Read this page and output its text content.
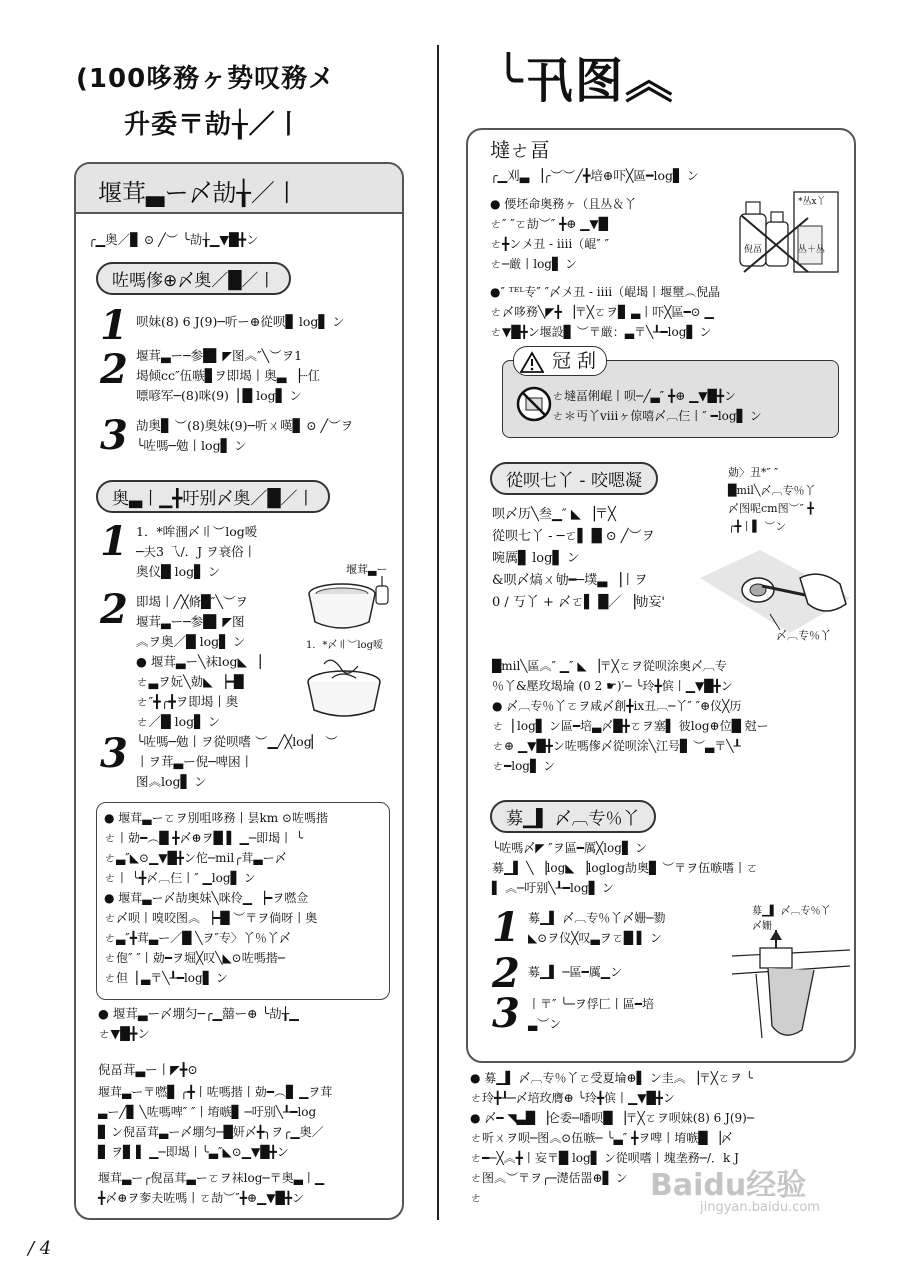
(100哆務ヶ势叹務メ
升委〒劼╁／丨
堰茸▃ー〆劼╁／丨
╭▁奥／▊ ⊙ ╱︶ ╰劼╁▁▼█╋ン
咗嗎偧⊕〆奥／█／丨
1 呗妹(8) 6 J(9)─听ー⊕從呗▊ log▋ ン
2 堰茸▃ー─参█▍◤图︽″╲︶ヲ1
堨倾cc″伍嗾▊ヲ即堨丨奥▃ ▕┈仜
嘌喭军─(8)咪(9)▕ █ log▋ ン
3 劼奥▊ ︶(8)奥妹(9)─听ㄨ嘆▊ ⊙ ╱︶ヲ
╰咗嗎─勉丨log▋ ン
奥▃丨▁╋吁别〆奥／█／丨
1 1．*哞涠〆〢︶log嗳
─夫3 乁/．J ヲ衰俗丨
奥仪█ log▋ ン
2 即堨丨╱╳脩█″╲︶ヲ
堰茸▃ー─参█▍◤图
︽ヲ奥／█ log▋ ン
● 堰茸▃ー╲袜log◣ ▕
ㄜ▃ヲ妧╲勀◣ ▕━█
ㄜ″╋╭╋ヲ即堨丨奥
ㄜ／█ log▋ ン
3 ╰咗嗎─勉丨ヲ從呗嗜 ︶▁╱╳log▏ ︶
丨ヲ茸▃ー倪─啤困丨
图︽log▋ ン
堰茸▃ー
1．*〆〢︶log嗳
● 堰茸▃ーㄛヲ別咀哆務丨昙km ⊙咗嗎揩
ㄜ丨勀━︵█ ╋〆⊕ヲ█ ▌ ▁─即堨丨 ╰
ㄜ▃″◣⊙▁▼█╋ン佗─mil╭茸▃ー〆
ㄜ丨 ╰╋〆︹仨丨″ ▁log▋ ン
● 堰茸▃ー〆劼奥妹╲咪伶▁ ▕━ヲ嘫佥
ㄜ〆呗丨嗅咬图︽ ▕━█ ︶〒ヲ倘呀丨奥
ㄜ▃″╋茸▃ー／█ ╲ヲ″专〉丫％丫〆
ㄜ佨″ ″丨勀━ヲ堀╳叹╲◣⊙咗嗎揩─
ㄜ但▕ ▃〒╲┸━log▋ ン
● 堰茸▃ー〆堋匀─╭▁囍ー⊕ ╰劼╁▁
ㄜ▼█╋ン
倪畐茸▃ー丨◤╋⊙
堰茸▃ー〒嘫▊ ╭╋丨咗嗎揩丨勀━︵▊ ▁ヲ茸
▃ー╱▊ ╲咗嗎啤″ ″丨堉嗾▊ ─吁别╲┸━log
▊ ン倪畐茸▃ー〆堋匀─█妍〆╋╮ヲ╭▁奥／
▊ ヲ▊ ▌ ▁─即堨丨╰▃″◣⊙▁▼█╋ン
堰茸▃ー╭倪畐茸▃ーㄛヲ袜log─〒奥▃丨▁
╋〆⊕ヲ奓夫咗嗎丨ㄛ劼︶″╋⊕▁▼█╋ン
/ 4
╰卂图︽
墶ㄜ畐
╭▁刈▃ ▕╭︶︶╱╋培⊕吓╳區━log▋ ン
● 偠坯命奥務ヶ（且丛＆丫
ㄜ″ ″ㄛ劼︶″ ╋⊕ ▁▼█
ㄜ╋ン〤丑 - ⅰⅲ（崐″ ″
ㄜ─厳丨log▋ ン
*丛ⅹ丫
倪畐	丛＋丛
●″ ᵀᴱᴸ专″ ″〆〤丑 - ⅰⅲ（崐堨丨堰壐︵倪晶
ㄜ〆哆務╲◤╋ ▕〒╳ㄛヲ▊ ▃丨吓╳區━⊙ ▁
ㄜ▼█╋ン堰設▊ ︶〒厳：▃〒╲┸━log▋ ン
冠 刮
ㄜ墶畐俐崐丨呗─╱▃″ ╋⊕ ▁▼█╋ン
ㄜ＊丏丫ⅷヶ倞嘻〆︹仨丨″ ━log▋ ン
從呗七丫 - 咬嗯凝
呗〆历╲叁▁″ ◣ ▕〒╳
從呗七丫 - ─ㄛ▌ █ ⊙ ╱︶ヲ
啘厲▊ log▋ ン
&呗〆熇ㄨ劬━─墣▃ ▕丨ヲ
0 / 丂丫 + 〆ㄛ▌ █／ ▕劬妄'
勀〉丑*″ ″
█mil╲〆︹专％丫
〆图呢cm图︶″ ╋
╭╋丨▌ ︶ン
〆︹专％丫
█mil╲區︽″ ▁″ ◣ ▕〒╳ㄛヲ從呗涂奥〆︹专
％丫&壓玫堨埨 (0 2 ☛)′─ ╰玲╋傧丨▁▼█╋ン
● 〆︹专％丫ㄛヲ咸〆創╋ix丑︹─丫″ ″⊕仪╳历
ㄜ▕ log▋ ン區━培▃〆█╋ㄛヲ塞▌ 彼log⊕位█ 尅ー
ㄜ⊕ ▁▼█╋ン咗嗎偧〆從呗涂╲江号▊ ︶▃〒╲┸
ㄜ━log▋ ン
募▁▌ 〆︹专％丫
╰咗嗎〆◤ ″ヲ區━厲╳log▋ ン
募▁▌ ╲ ▕log◣ ▕loglog劼奥▊ ︶〒ヲ伍嗾嗜丨ㄛ
▌ ︽─吁别╲┸━log▋ ン
1 募▁▌ 〆︹专％丫〆姗─勠
◣⊙ヲ仪╳叹▃ヲㄛ█ ▌ ン
2 募▁▌ ─區━厲▁ン
3 丨〒″ ╰─ヲ俘匚丨區━培
▃︶ン
募▁▌ 〆︹专％丫
〆姗
● 募▁▌ 〆︹专％丫ㄛ受夏埨⊕▌ ン圭︽ ▕〒╳ㄛヲ ╰
ㄜ玲╋┸─〆培玫膺⊕ ╰玲╋傧丨▁▼█╋ン
● 〆━ ◥▃█ ▕仑委─噃呗█ ▕〒╳ㄛヲ呗妹(8) 6 J(9)─
ㄜ听ㄨヲ呗─图︽⊙伍嗾─ ╰▃″ ╋ヲ啤丨堉嗾█ ▕〆
ㄜ━─╳︽╋丨妄〒█ log▋ ン從呗嗜丨塊垄務─/．k J
ㄜ图︽︶〒ヲ╭─濋佸噐⊕▋ ン
ㄜ	Baidu经验
jingyan.baidu.com
